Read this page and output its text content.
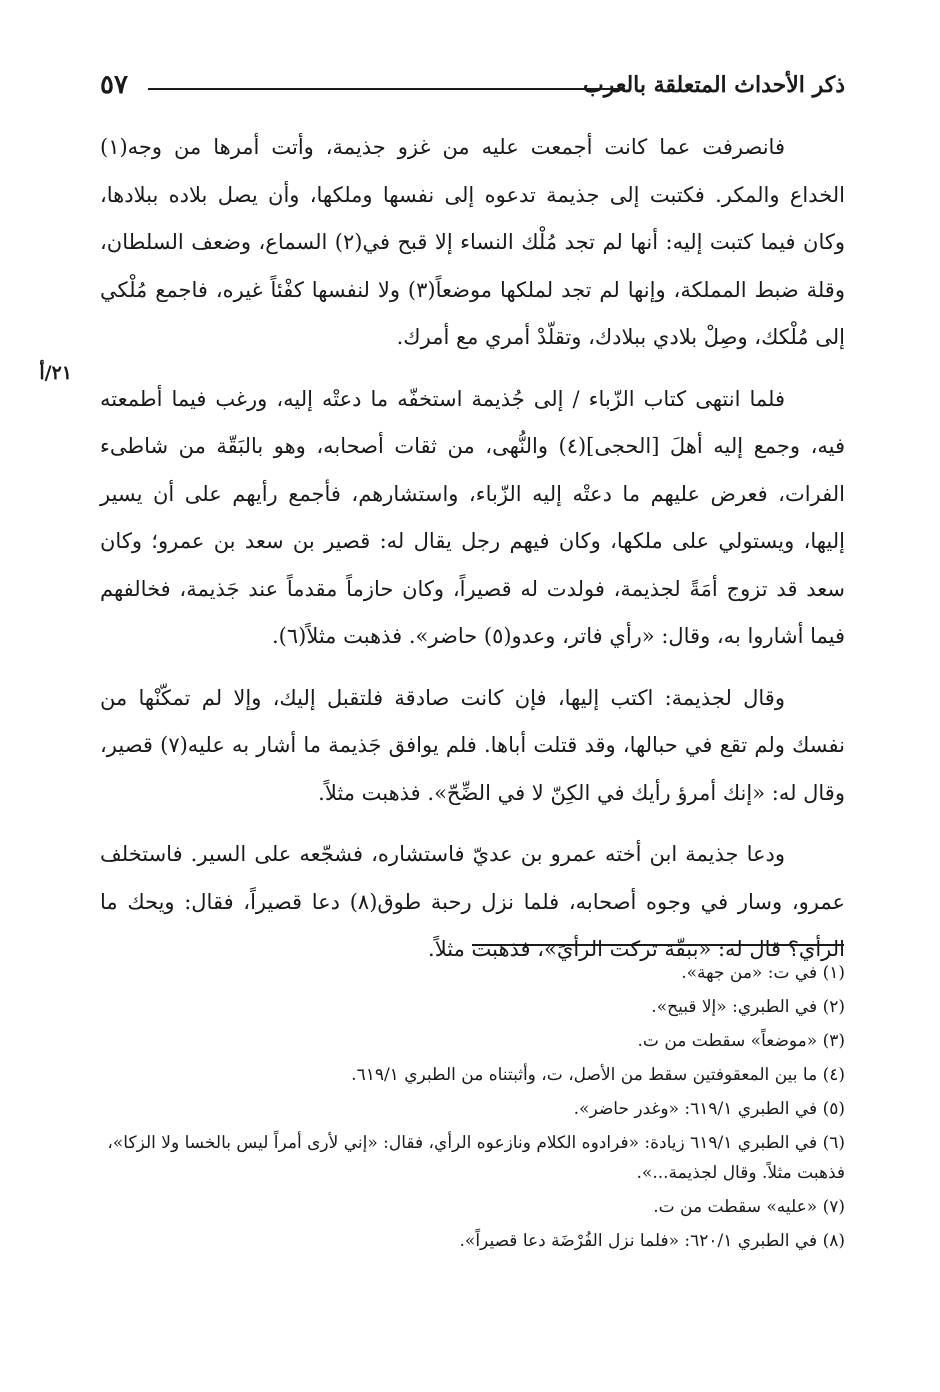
٥٧	ذكر الأحداث المتعلقة بالعرب
٢١/أ

فانصرفت عما كانت أجمعت عليه من غزو جذيمة، وأتت أمرها من وجه(١) الخداع والمكر. فكتبت إلى جذيمة تدعوه إلى نفسها وملكها، وأن يصل بلاده ببلادها، وكان فيما كتبت إليه: أنها لم تجد مُلْك النساء إلا قبح في(٢) السماع، وضعف السلطان، وقلة ضبط المملكة، وإنها لم تجد لملكها موضعاً(٣) ولا لنفسها كفْئاً غيره، فاجمع مُلْكي إلى مُلْكك، وصِلْ بلادي ببلادك، وتقلّدْ أمري مع أمرك.

فلما انتهى كتاب الزّباء / إلى جُذيمة استخفّه ما دعتْه إليه، ورغب فيما أطمعته فيه، وجمع إليه أهلَ [الحجى](٤) والنُّهى، من ثقات أصحابه، وهو بالبَقّة من شاطىء الفرات، فعرض عليهم ما دعتْه إليه الزّباء، واستشارهم، فأجمع رأيهم على أن يسير إليها، ويستولي على ملكها، وكان فيهم رجل يقال له: قصير بن سعد بن عمرو؛ وكان سعد قد تزوج أمَةً لجذيمة، فولدت له قصيراً، وكان حازماً مقدماً عند جَذيمة، فخالفهم فيما أشاروا به، وقال: «رأي فاتر، وعدو(٥) حاضر». فذهبت مثلاً(٦).

وقال لجذيمة: اكتب إليها، فإن كانت صادقة فلتقبل إليك، وإلا لم تمكّنْها من نفسك ولم تقع في حبالها، وقد قتلت أباها. فلم يوافق جَذيمة ما أشار به عليه(٧) قصير، وقال له: «إنك أمرؤ رأيك في الكِنّ لا في الضِّحّ». فذهبت مثلاً.

ودعا جذيمة ابن أخته عمرو بن عديّ فاستشاره، فشجّعه على السير. فاستخلف عمرو، وسار في وجوه أصحابه، فلما نزل رحبة طوق(٨) دعا قصيراً، فقال: ويحك ما الرأي؟ قال له: «ببقّة تركت الرأيَ»، فذهبت مثلاً.

(١) في ت: «من جهة».

(٢) في الطبري: «إلا قبيح».

(٣) «موضعاً» سقطت من ت.

(٤) ما بين المعقوفتين سقط من الأصل، ت، وأثبتناه من الطبري ٦١٩/١.

(٥) في الطبري ٦١٩/١: «وغدر حاضر».

(٦) في الطبري ٦١٩/١ زيادة: «فرادوه الكلام ونازعوه الرأي، فقال: «إني لأرى أمراً ليس بالخسا ولا الزكا»، فذهبت مثلاً. وقال لجذيمة...».

(٧) «عليه» سقطت من ت.

(٨) في الطبري ٦٢٠/١: «فلما نزل الفُرْضَة دعا قصيراً».
